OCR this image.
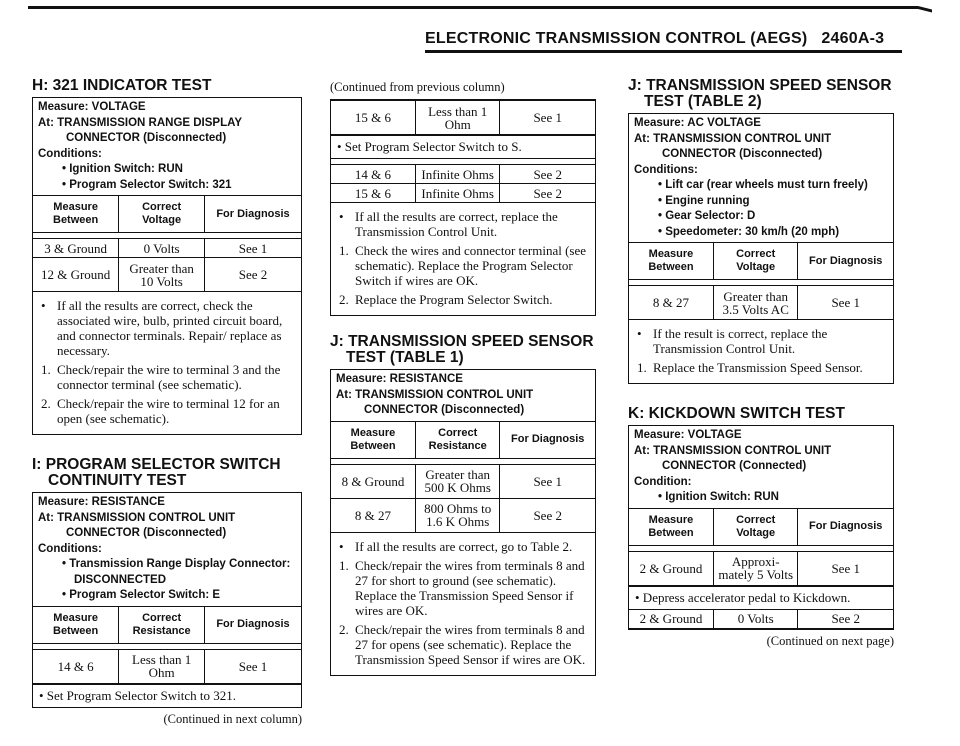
ELECTRONIC TRANSMISSION CONTROL (AEGS) 2460A-3
H: 321 INDICATOR TEST
Measure: VOLTAGE
At: TRANSMISSION RANGE DISPLAY
CONNECTOR (Disconnected)
Conditions:
• Ignition Switch: RUN
• Program Selector Switch: 321
Measure Between	Correct Voltage	For Diagnosis

3 & Ground	0 Volts	See 1
12 & Ground	Greater than 10 Volts	See 2
• If all the results are correct, check the associated wire, bulb, printed circuit board, and connector terminals. Repair/ replace as necessary.
1. Check/repair the wire to terminal 3 and the connector terminal (see schematic).
2. Check/repair the wire to terminal 12 for an open (see schematic).
I: PROGRAM SELECTOR SWITCH
CONTINUITY TEST
Measure: RESISTANCE
At: TRANSMISSION CONTROL UNIT
CONNECTOR (Disconnected)
Conditions:
• Transmission Range Display Connector:
DISCONNECTED
• Program Selector Switch: E
Measure Between	Correct Resistance	For Diagnosis

14 & 6	Less than 1 Ohm	See 1
• Set Program Selector Switch to 321.
(Continued in next column)
(Continued from previous column)
15 & 6	Less than 1 Ohm	See 1
• Set Program Selector Switch to S.

14 & 6	Infinite Ohms	See 2
15 & 6	Infinite Ohms	See 2
• If all the results are correct, replace the Transmission Control Unit.
1. Check the wires and connector terminal (see schematic). Replace the Program Selector Switch if wires are OK.
2. Replace the Program Selector Switch.
J: TRANSMISSION SPEED SENSOR
TEST (TABLE 1)
Measure: RESISTANCE
At: TRANSMISSION CONTROL UNIT
CONNECTOR (Disconnected)
Measure Between	Correct Resistance	For Diagnosis

8 & Ground	Greater than 500 K Ohms	See 1
8 & 27	800 Ohms to 1.6 K Ohms	See 2
• If all the results are correct, go to Table 2.
1. Check/repair the wires from terminals 8 and 27 for short to ground (see schematic). Replace the Transmission Speed Sensor if wires are OK.
2. Check/repair the wires from terminals 8 and 27 for opens (see schematic). Replace the Transmission Speed Sensor if wires are OK.
J: TRANSMISSION SPEED SENSOR
TEST (TABLE 2)
Measure: AC VOLTAGE
At: TRANSMISSION CONTROL UNIT
CONNECTOR (Disconnected)
Conditions:
• Lift car (rear wheels must turn freely)
• Engine running
• Gear Selector: D
• Speedometer: 30 km/h (20 mph)
Measure Between	Correct Voltage	For Diagnosis

8 & 27	Greater than 3.5 Volts AC	See 1
• If the result is correct, replace the Transmission Control Unit.
1. Replace the Transmission Speed Sensor.
K: KICKDOWN SWITCH TEST
Measure: VOLTAGE
At: TRANSMISSION CONTROL UNIT
CONNECTOR (Connected)
Condition:
• Ignition Switch: RUN
Measure Between	Correct Voltage	For Diagnosis

2 & Ground	Approxi- mately 5 Volts	See 1
• Depress accelerator pedal to Kickdown.
2 & Ground	0 Volts	See 2
(Continued on next page)
